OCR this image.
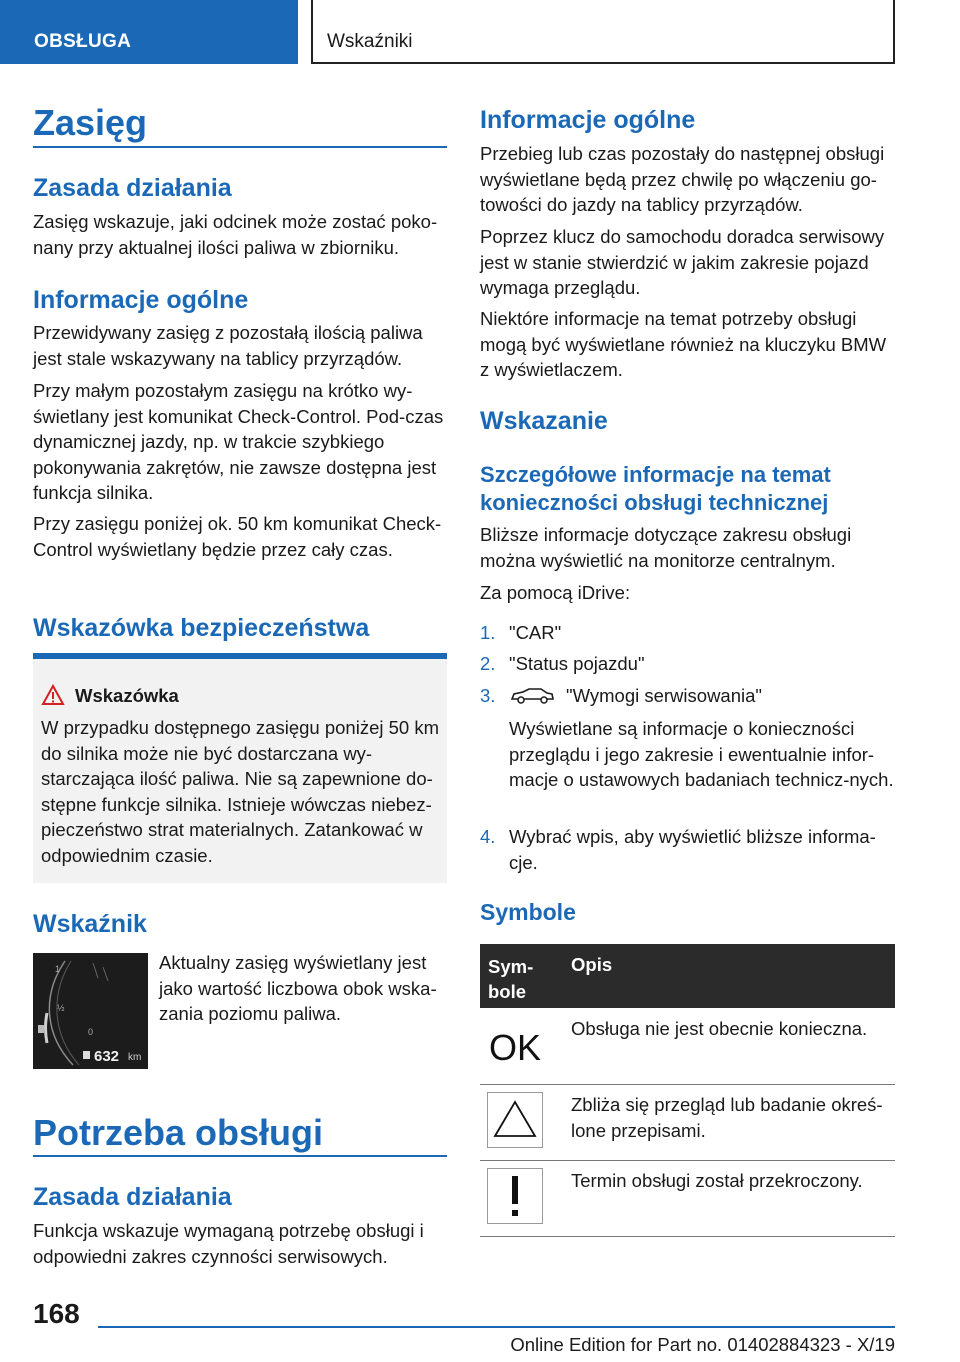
OBSŁUGA	Wskaźniki
Zasięg
Zasada działania

Zasięg wskazuje, jaki odcinek może zostać poko-nany przy aktualnej ilości paliwa w zbiorniku.

Informacje ogólne

Przewidywany zasięg z pozostałą ilością paliwa jest stale wskazywany na tablicy przyrządów.

Przy małym pozostałym zasięgu na krótko wy-świetlany jest komunikat Check-Control. Pod-czas dynamicznej jazdy, np. w trakcie szybkiego pokonywania zakrętów, nie zawsze dostępna jest funkcja silnika.

Przy zasięgu poniżej ok. 50 km komunikat Check-Control wyświetlany będzie przez cały czas.

Wskazówka bezpieczeństwa
Wskaźnik

Aktualny zasięg wyświetlany jest jako wartość liczbowa obok wska-zania poziomu paliwa.

Potrzeba obsługi
Zasada działania

Funkcja wskazuje wymaganą potrzebę obsługi i odpowiedni zakres czynności serwisowych.

Wskazówka
W przypadku dostępnego zasięgu poniżej 50 km do silnika może nie być dostarczana wy-starczająca ilość paliwa. Nie są zapewnione do-stępne funkcje silnika. Istnieje wówczas niebez-pieczeństwo strat materialnych. Zatankować w odpowiednim czasie.
1
½
0
632 km
Informacje ogólne

Przebieg lub czas pozostały do następnej obsługi wyświetlane będą przez chwilę po włączeniu go-towości do jazdy na tablicy przyrządów.

Poprzez klucz do samochodu doradca serwisowy jest w stanie stwierdzić w jakim zakresie pojazd wymaga przeglądu.

Niektóre informacje na temat potrzeby obsługi mogą być wyświetlane również na kluczyku BMW z wyświetlaczem.

Wskazanie
Szczegółowe informacje na temat konieczności obsługi technicznej

Bliższe informacje dotyczące zakresu obsługi można wyświetlić na monitorze centralnym.

Za pomocą iDrive:

1. "CAR"
2. "Status pojazdu"
3.	"Wymogi serwisowania"

Wyświetlane są informacje o konieczności przeglądu i jego zakresie i ewentualnie infor-macje o ustawowych badaniach technicz-nych.

4. Wybrać wpis, aby wyświetlić bliższe informa-cje.
Symbole
Sym-bole
Opis
OK Obsługa nie jest obecnie konieczna.
Zbliża się przegląd lub badanie okreś-lone przepisami.
Termin obsługi został przekroczony.
168
Online Edition for Part no. 01402884323 - X/19
